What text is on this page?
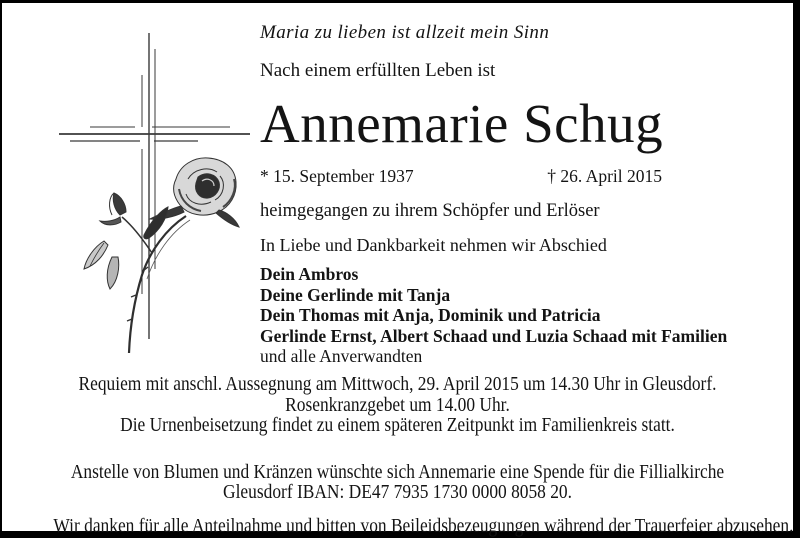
Maria zu lieben ist allzeit mein Sinn
Nach einem erfüllten Leben ist
Annemarie Schug
* 15. September 1937	† 26. April 2015
heimgegangen zu ihrem Schöpfer und Erlöser
In Liebe und Dankbarkeit nehmen wir Abschied
Dein Ambros
Deine Gerlinde mit Tanja
Dein Thomas mit Anja, Dominik und Patricia
Gerlinde Ernst, Albert Schaad und Luzia Schaad mit Familien
und alle Anverwandten
Requiem mit anschl. Aussegnung am Mittwoch, 29. April 2015 um 14.30 Uhr in Gleusdorf.
Rosenkranzgebet um 14.00 Uhr.
Die Urnenbeisetzung findet zu einem späteren Zeitpunkt im Familienkreis statt.
Anstelle von Blumen und Kränzen wünschte sich Annemarie eine Spende für die Fillialkirche
Gleusdorf IBAN: DE47 7935 1730 0000 8058 20.
Wir danken für alle Anteilnahme und bitten von Beileidsbezeugungen während der Trauerfeier abzusehen.
